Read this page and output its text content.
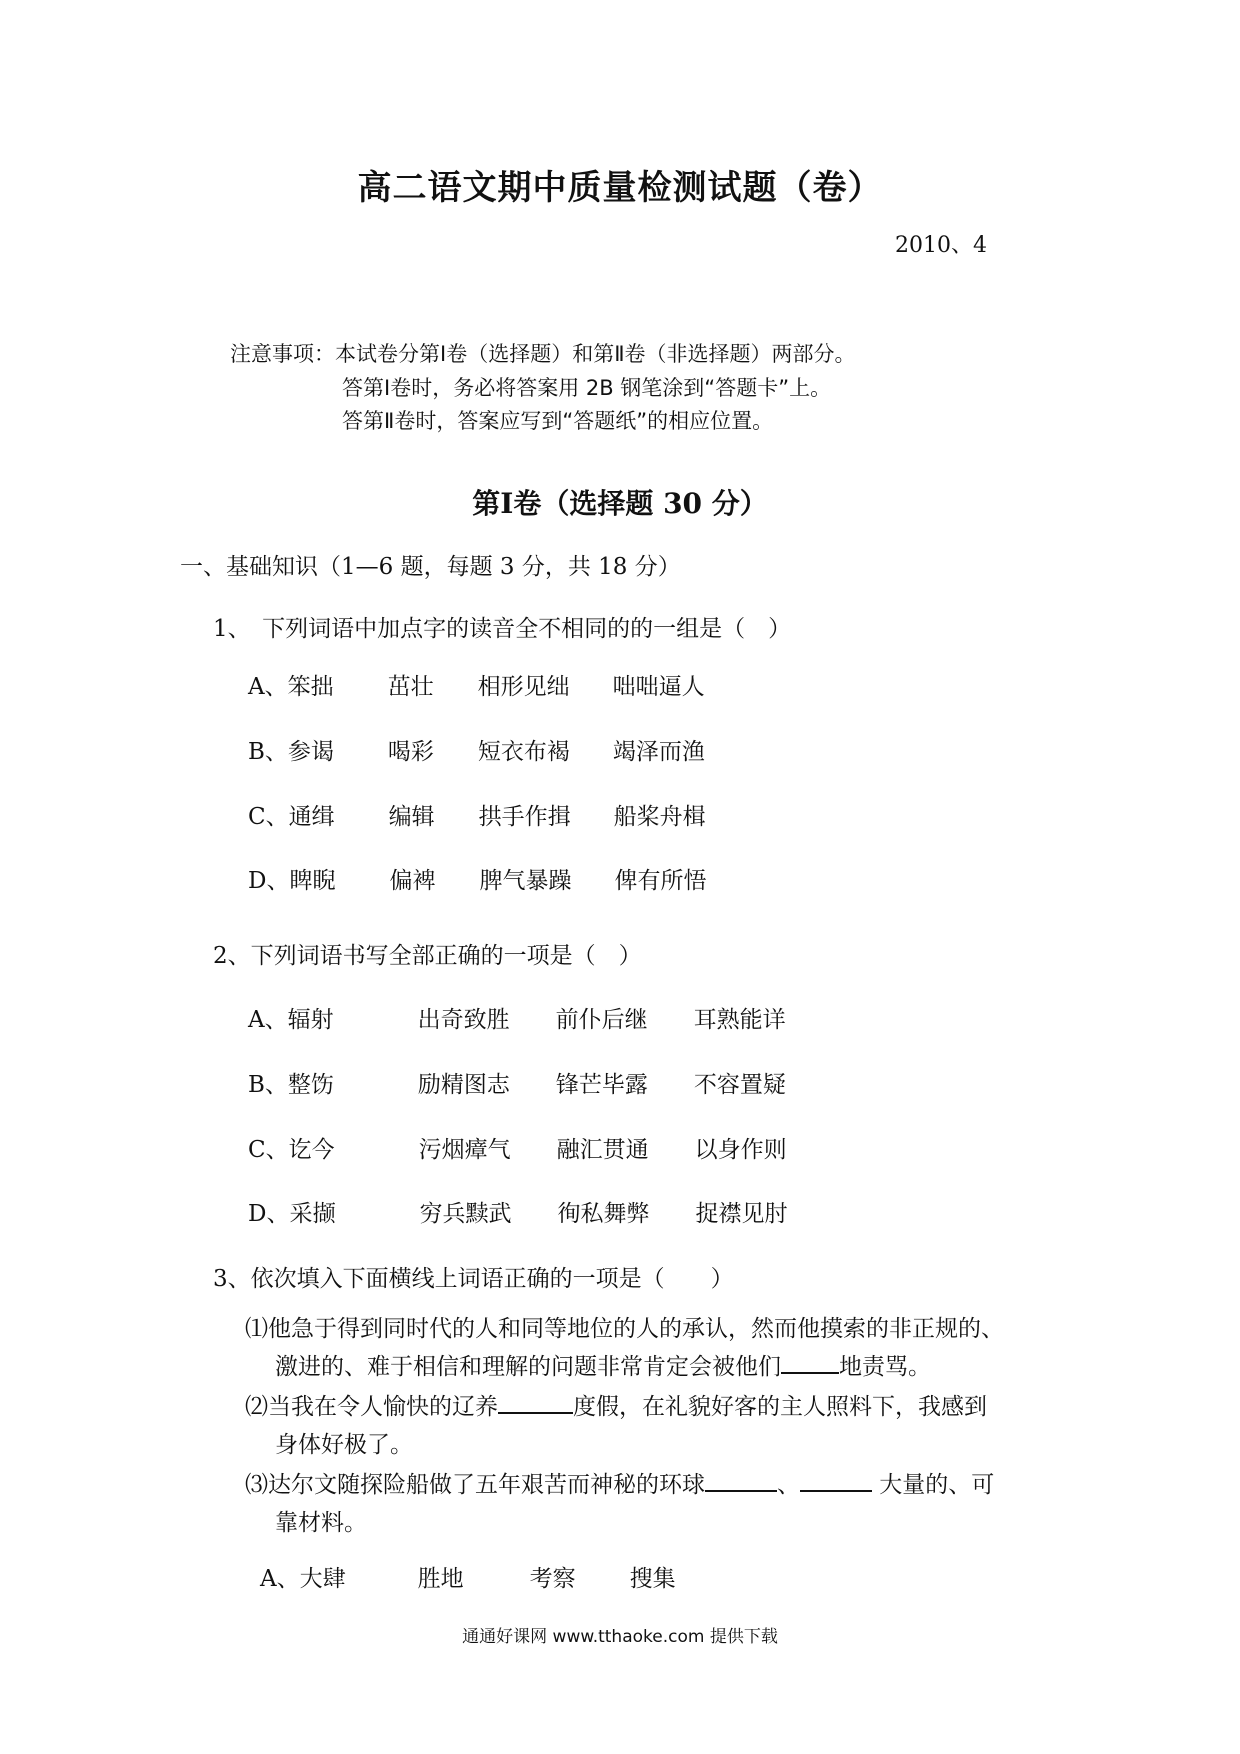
高二语文期中质量检测试题（卷）
2010、4
注意事项：本试卷分第Ⅰ卷（选择题）和第Ⅱ卷（非选择题）两部分。
答第Ⅰ卷时，务必将答案用 2B 钢笔涂到“答题卡”上。
答第Ⅱ卷时，答案应写到“答题纸”的相应位置。
第Ⅰ卷（选择题 30 分）
一、基础知识（1—6 题，每题 3 分，共 18 分）
1、　下列词语中加点字的读音全不相同的的一组是（　）
A、笨拙 茁壮 相形见绌 咄咄逼人
B、参谒 喝彩 短衣布褐 竭泽而渔
C、通缉 编辑 拱手作揖 船桨舟楫
D、睥睨 偏裨 脾气暴躁 俾有所悟
2、下列词语书写全部正确的一项是（　）
A、辐射	出奇致胜 前仆后继 耳熟能详
B、整饬	励精图志 锋芒毕露 不容置疑
C、讫今	污烟瘴气 融汇贯通 以身作则
D、采撷	穷兵黩武 徇私舞弊 捉襟见肘
3、依次填入下面横线上词语正确的一项是（　　）
⑴他急于得到同时代的人和同等地位的人的承认，然而他摸索的非正规的、
激进的、难于相信和理解的问题非常肯定会被他们	地责骂。
⑵当我在令人愉快的辽养	度假，在礼貌好客的主人照料下，我感到
身体好极了。
⑶达尔文随探险船做了五年艰苦而神秘的环球	、	大量的、可
靠材料。
A、大肆	胜地	考察 搜集
通通好课网 www.tthaoke.com 提供下载
